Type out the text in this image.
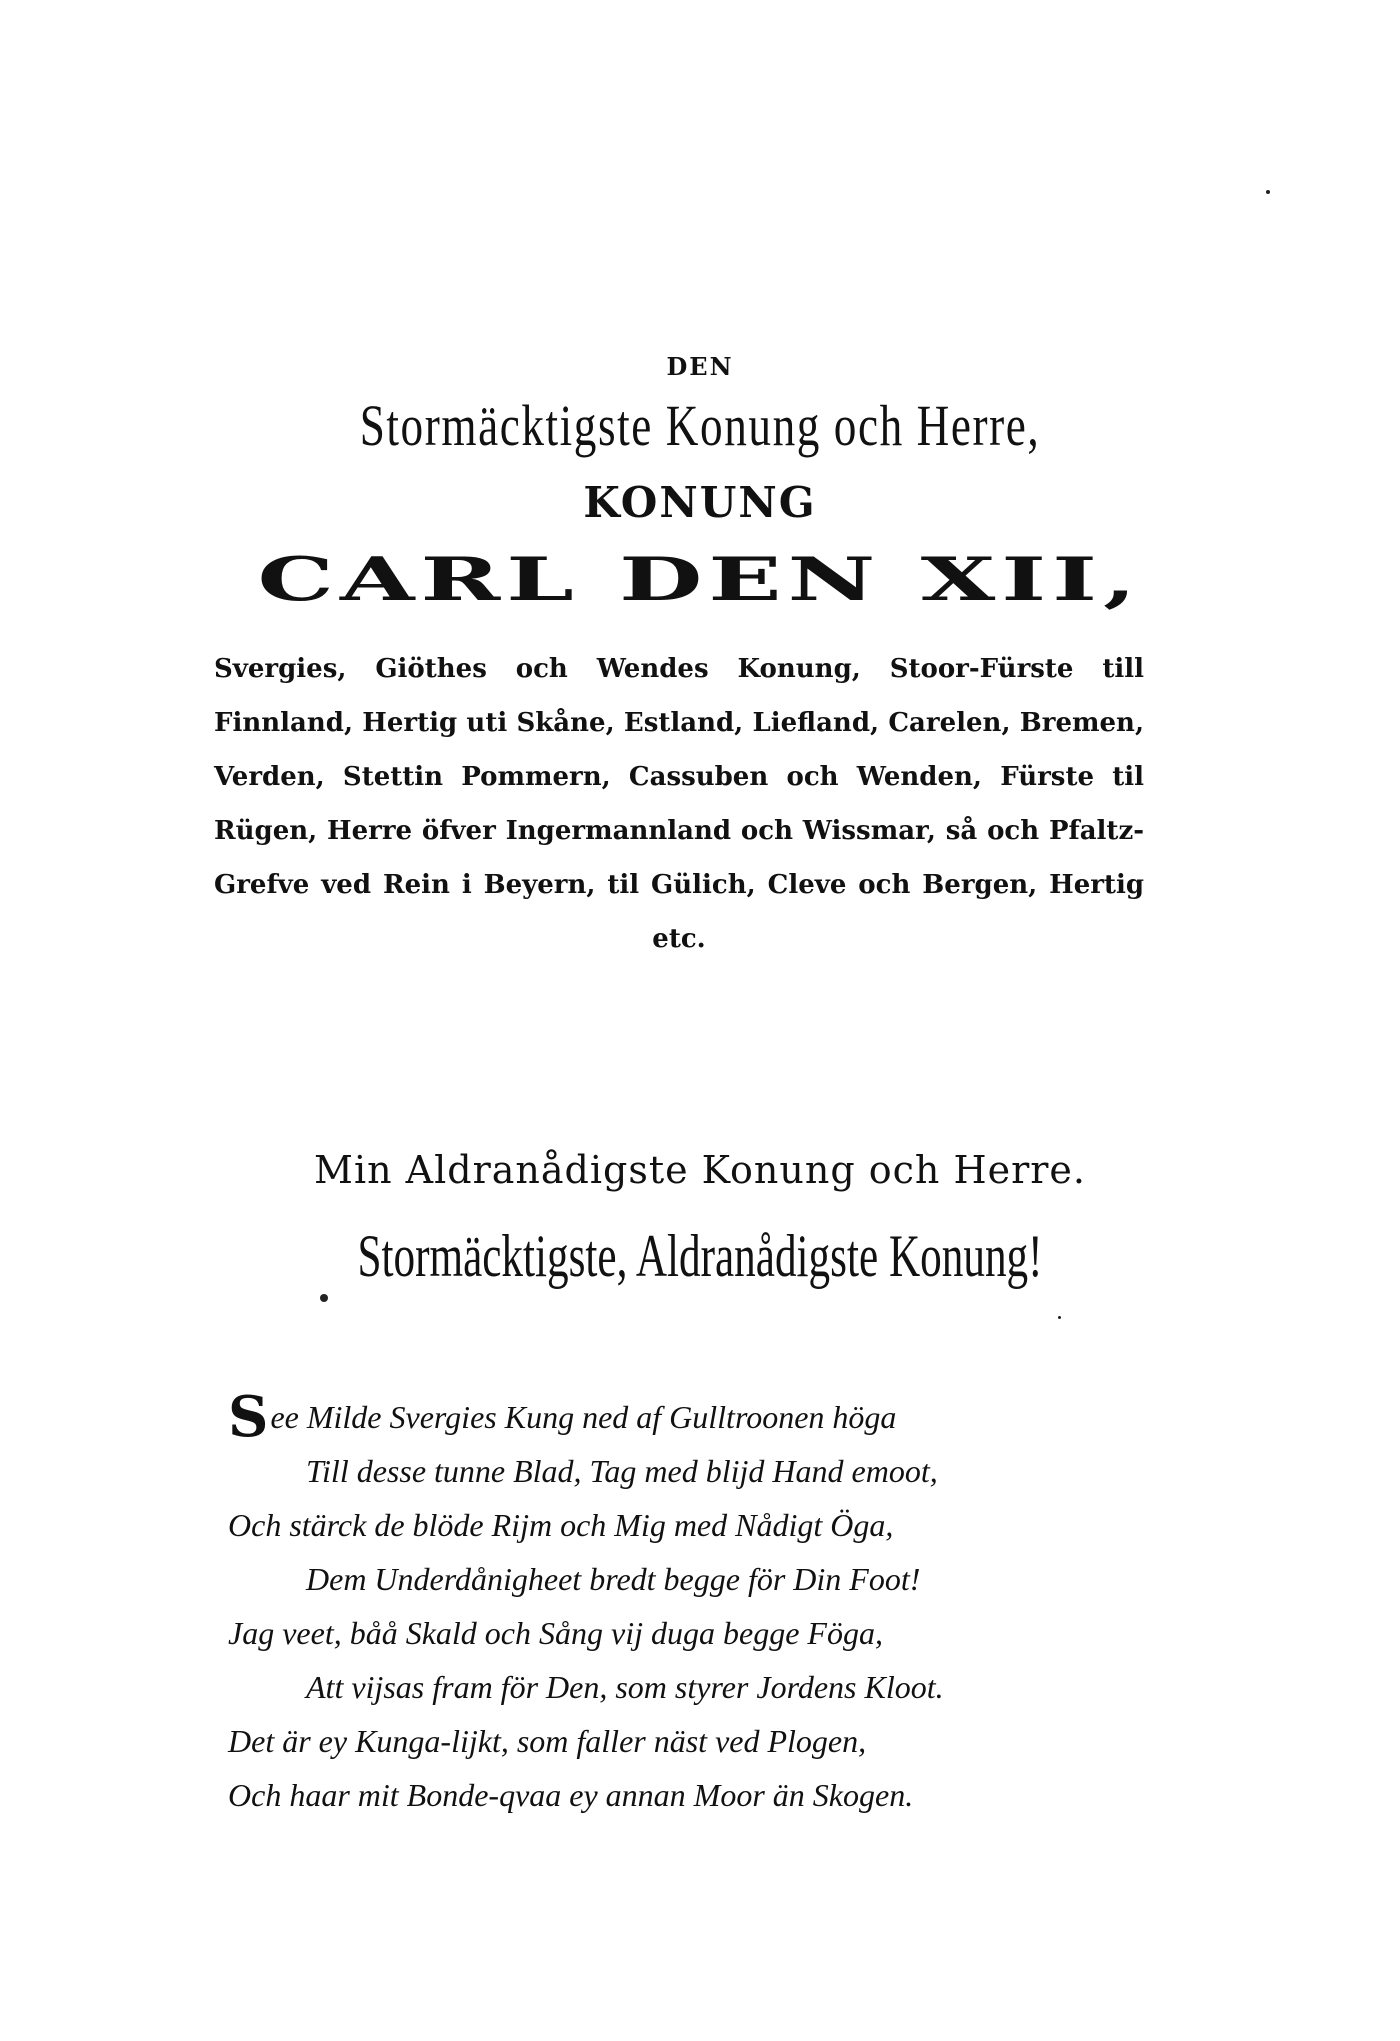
DEN
Stormäcktigste Konung och Herre,
KONUNG
CARL DEN XII,
Svergies, Giöthes och Wendes Konung, Stoor-Fürste till Finnland, Hertig uti Skåne, Estland, Liefland, Carelen, Bremen, Verden, Stettin Pommern, Cassuben och Wenden, Fürste til Rügen, Herre öfver Ingermannland och Wissmar, så och Pfaltz-Grefve ved Rein i Beyern, til Gülich, Cleve och Bergen, Hertig etc.
Min Aldranådigste Konung och Herre.
Stormäcktigste, Aldranådigste Konung!
See Milde Svergies Kung ned af Gulltroonen höga
Till desse tunne Blad, Tag med blijd Hand emoot,
Och stärck de blöde Rijm och Mig med Nådigt Öga,
Dem Underdånigheet bredt begge för Din Foot!
Jag veet, båå Skald och Sång vij duga begge Föga,
Att vijsas fram för Den, som styrer Jordens Kloot.
Det är ey Kunga-lijkt, som faller näst ved Plogen,
Och haar mit Bonde-qvaa ey annan Moor än Skogen.
